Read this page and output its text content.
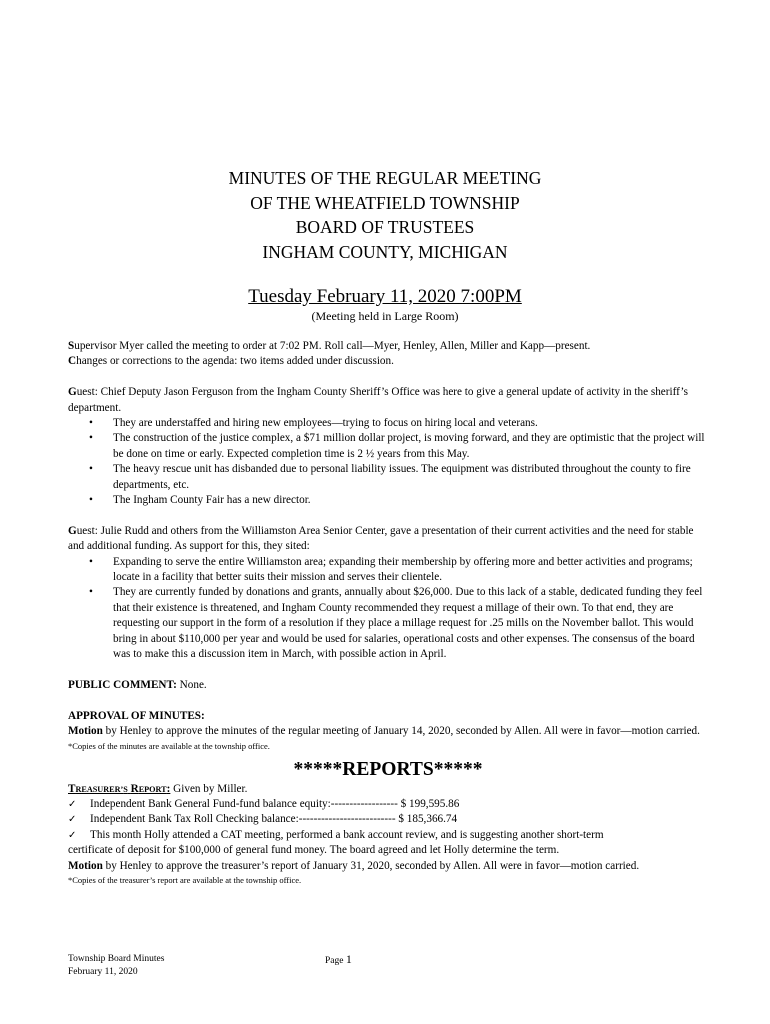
MINUTES OF THE REGULAR MEETING
OF THE WHEATFIELD TOWNSHIP
BOARD OF TRUSTEES
INGHAM COUNTY, MICHIGAN
Tuesday February 11, 2020 7:00PM
(Meeting held in Large Room)

Supervisor Myer called the meeting to order at 7:02 PM. Roll call—Myer, Henley, Allen, Miller and Kapp—present.

Changes or corrections to the agenda: two items added under discussion.

Guest: Chief Deputy Jason Ferguson from the Ingham County Sheriff’s Office was here to give a general update of activity in the sheriff’s department.

• They are understaffed and hiring new employees—trying to focus on hiring local and veterans.
• The construction of the justice complex, a $71 million dollar project, is moving forward, and they are optimistic that the project will be done on time or early. Expected completion time is 2 ½ years from this May.
• The heavy rescue unit has disbanded due to personal liability issues. The equipment was distributed throughout the county to fire departments, etc.
• The Ingham County Fair has a new director.

Guest: Julie Rudd and others from the Williamston Area Senior Center, gave a presentation of their current activities and the need for stable and additional funding. As support for this, they sited:

• Expanding to serve the entire Williamston area; expanding their membership by offering more and better activities and programs; locate in a facility that better suits their mission and serves their clientele.
• They are currently funded by donations and grants, annually about $26,000. Due to this lack of a stable, dedicated funding they feel that their existence is threatened, and Ingham County recommended they request a millage of their own. To that end, they are requesting our support in the form of a resolution if they place a millage request for .25 mills on the November ballot. This would bring in about $110,000 per year and would be used for salaries, operational costs and other expenses. The consensus of the board was to make this a discussion item in March, with possible action in April.

PUBLIC COMMENT: None.

APPROVAL OF MINUTES:

Motion by Henley to approve the minutes of the regular meeting of January 14, 2020, seconded by Allen. All were in favor—motion carried.

*Copies of the minutes are available at the township office.

*****REPORTS*****

TREASURER’S REPORT: Given by Miller.

✓ Independent Bank General Fund-fund balance equity:------------------ $ 199,595.86
✓ Independent Bank Tax Roll Checking balance:-------------------------- $ 185,366.74
✓ This month Holly attended a CAT meeting, performed a bank account review, and is suggesting another short-term

certificate of deposit for $100,000 of general fund money. The board agreed and let Holly determine the term.

Motion by Henley to approve the treasurer’s report of January 31, 2020, seconded by Allen. All were in favor—motion carried.

*Copies of the treasurer’s report are available at the township office.

Township Board Minutes
February 11, 2020
Page 1
